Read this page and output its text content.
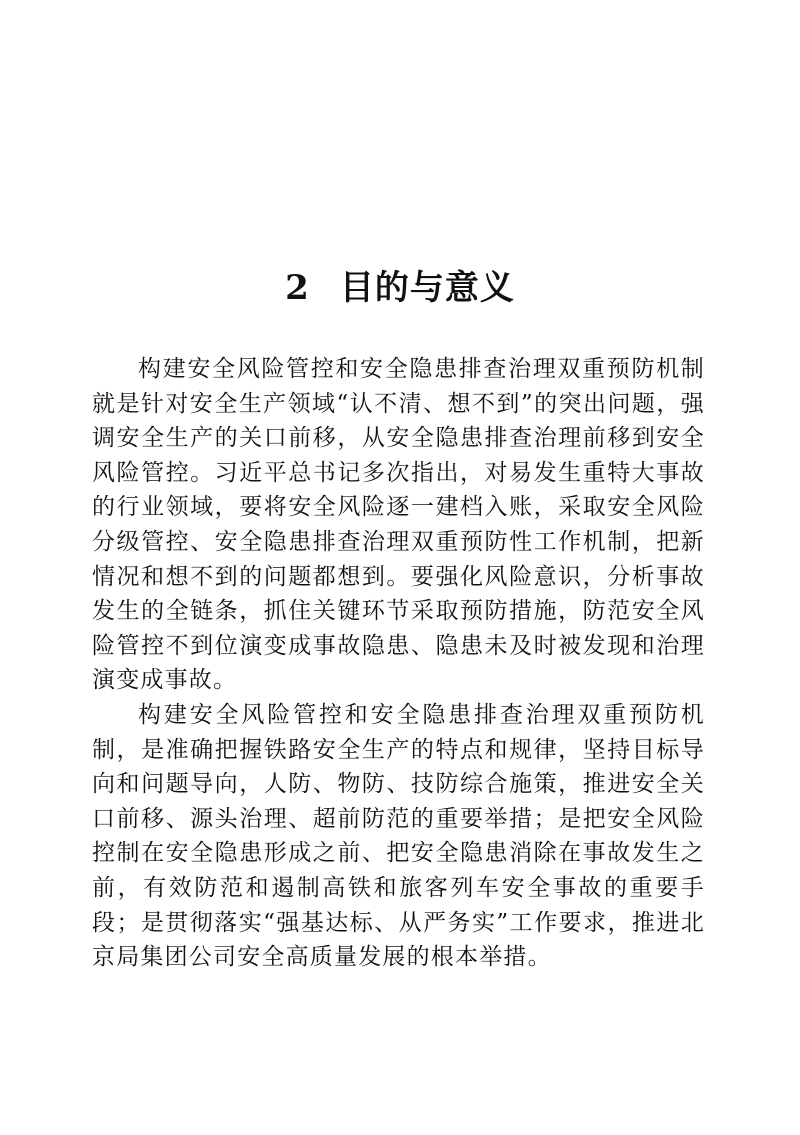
2 目的与意义

构建安全风险管控和安全隐患排查治理双重预防机制就是针对安全生产领域“认不清、想不到”的突出问题，强调安全生产的关口前移，从安全隐患排查治理前移到安全风险管控。习近平总书记多次指出，对易发生重特大事故的行业领域，要将安全风险逐一建档入账，采取安全风险分级管控、安全隐患排查治理双重预防性工作机制，把新情况和想不到的问题都想到。要强化风险意识，分析事故发生的全链条，抓住关键环节采取预防措施，防范安全风险管控不到位演变成事故隐患、隐患未及时被发现和治理演变成事故。

构建安全风险管控和安全隐患排查治理双重预防机制，是准确把握铁路安全生产的特点和规律，坚持目标导向和问题导向，人防、物防、技防综合施策，推进安全关口前移、源头治理、超前防范的重要举措；是把安全风险控制在安全隐患形成之前、把安全隐患消除在事故发生之前，有效防范和遏制高铁和旅客列车安全事故的重要手段；是贯彻落实“强基达标、从严务实”工作要求，推进北京局集团公司安全高质量发展的根本举措。
